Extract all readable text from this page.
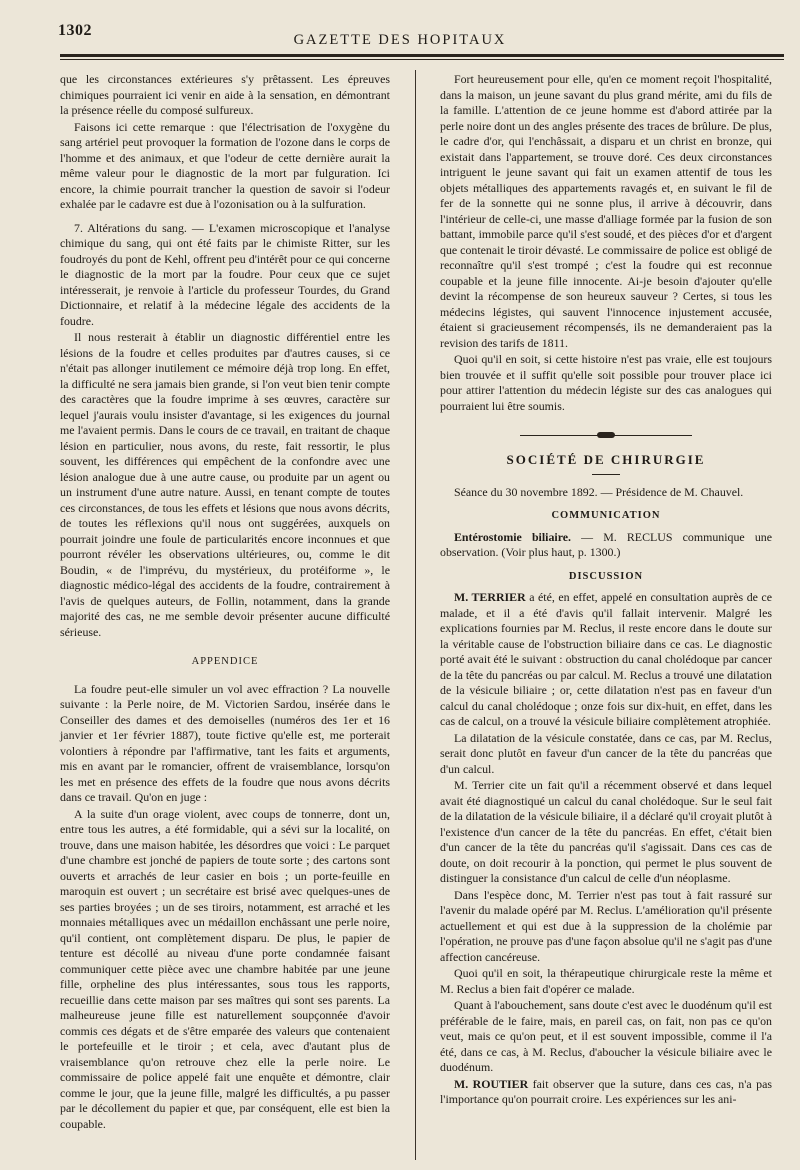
1302
GAZETTE DES HOPITAUX

que les circonstances extérieures s'y prêtassent. Les épreuves chimiques pourraient ici venir en aide à la sensation, en démontrant la présence réelle du composé sulfureux.

Faisons ici cette remarque : que l'électrisation de l'oxygène du sang artériel peut provoquer la formation de l'ozone dans le corps de l'homme et des animaux, et que l'odeur de cette dernière aurait la même valeur pour le diagnostic de la mort par fulguration. Ici encore, la chimie pourrait trancher la question de savoir si l'odeur exhalée par le cadavre est due à l'ozonisation ou à la sulfuration.

7. Altérations du sang. — L'examen microscopique et l'analyse chimique du sang, qui ont été faits par le chimiste Ritter, sur les foudroyés du pont de Kehl, offrent peu d'intérêt pour ce qui concerne le diagnostic de la mort par la foudre. Pour ceux que ce sujet intéresserait, je renvoie à l'article du professeur Tourdes, du Grand Dictionnaire, et relatif à la médecine légale des accidents de la foudre.

Il nous resterait à établir un diagnostic différentiel entre les lésions de la foudre et celles produites par d'autres causes, si ce n'était pas allonger inutilement ce mémoire déjà trop long. En effet, la difficulté ne sera jamais bien grande, si l'on veut bien tenir compte des caractères que la foudre imprime à ses œuvres, caractère sur lequel j'aurais voulu insister d'avantage, si les exigences du journal me l'avaient permis. Dans le cours de ce travail, en traitant de chaque lésion en particulier, nous avons, du reste, fait ressortir, le plus souvent, les différences qui empêchent de la confondre avec une lésion analogue due à une autre cause, ou produite par un agent ou un instrument d'une autre nature. Aussi, en tenant compte de toutes ces circonstances, de tous les effets et lésions que nous avons décrits, de toutes les réflexions qu'il nous ont suggérées, auxquels on pourrait joindre une foule de particularités encore inconnues et que pourront révéler les observations ultérieures, ou, comme le dit Boudin, « de l'imprévu, du mystérieux, du protéiforme », le diagnostic médico-légal des accidents de la foudre, contrairement à l'avis de quelques auteurs, de Follin, notamment, dans la grande majorité des cas, ne me semble devoir présenter aucune difficulté sérieuse.

APPENDICE

La foudre peut-elle simuler un vol avec effraction ? La nouvelle suivante : la Perle noire, de M. Victorien Sardou, insérée dans le Conseiller des dames et des demoiselles (numéros des 1er et 16 janvier et 1er février 1887), toute fictive qu'elle est, me porterait volontiers à répondre par l'affirmative, tant les faits et arguments, mis en avant par le romancier, offrent de vraisemblance, lorsqu'on les met en présence des effets de la foudre que nous avons décrits dans ce travail. Qu'on en juge :

A la suite d'un orage violent, avec coups de tonnerre, dont un, entre tous les autres, a été formidable, qui a sévi sur la localité, on trouve, dans une maison habitée, les désordres que voici : Le parquet d'une chambre est jonché de papiers de toute sorte ; des cartons sont ouverts et arrachés de leur casier en bois ; un porte-feuille en maroquin est ouvert ; un secrétaire est brisé avec quelques-unes de ses parties broyées ; un de ses tiroirs, notamment, est arraché et les monnaies métalliques avec un médaillon enchâssant une perle noire, qu'il contient, ont complètement disparu. De plus, le papier de tenture est décollé au niveau d'une porte condamnée faisant communiquer cette pièce avec une chambre habitée par une jeune fille, orpheline des plus intéressantes, sous tous les rapports, recueillie dans cette maison par ses maîtres qui sont ses parents. La malheureuse jeune fille est naturellement soupçonnée d'avoir commis ces dégats et de s'être emparée des valeurs que contenaient le portefeuille et le tiroir ; et cela, avec d'autant plus de vraisemblance qu'on retrouve chez elle la perle noire. Le commissaire de police appelé fait une enquête et démontre, clair comme le jour, que la jeune fille, malgré les difficultés, a pu passer par le décollement du papier et que, par conséquent, elle est bien la coupable.

Fort heureusement pour elle, qu'en ce moment reçoit l'hospitalité, dans la maison, un jeune savant du plus grand mérite, ami du fils de la famille. L'attention de ce jeune homme est d'abord attirée par la perle noire dont un des angles présente des traces de brûlure. De plus, le cadre d'or, qui l'enchâssait, a disparu et un christ en bronze, qui existait dans l'appartement, se trouve doré. Ces deux circonstances intriguent le jeune savant qui fait un examen attentif de tous les objets métalliques des appartements ravagés et, en suivant le fil de fer de la sonnette qui ne sonne plus, il arrive à découvrir, dans l'intérieur de celle-ci, une masse d'alliage formée par la fusion de son battant, immobile parce qu'il s'est soudé, et des pièces d'or et d'argent que contenait le tiroir dévasté. Le commissaire de police est obligé de reconnaître qu'il s'est trompé ; c'est la foudre qui est reconnue coupable et la jeune fille innocente. Ai-je besoin d'ajouter qu'elle devint la récompense de son heureux sauveur ? Certes, si tous les médecins légistes, qui sauvent l'innocence injustement accusée, étaient si gracieusement récompensés, ils ne demanderaient pas la revision des tarifs de 1811.

Quoi qu'il en soit, si cette histoire n'est pas vraie, elle est toujours bien trouvée et il suffit qu'elle soit possible pour trouver place ici pour attirer l'attention du médecin légiste sur des cas analogues qui pourraient lui être soumis.

SOCIÉTÉ DE CHIRURGIE

Séance du 30 novembre 1892. — Présidence de M. Chauvel.

COMMUNICATION

Entérostomie biliaire. — M. RECLUS communique une observation. (Voir plus haut, p. 1300.)

DISCUSSION

M. TERRIER a été, en effet, appelé en consultation auprès de ce malade, et il a été d'avis qu'il fallait intervenir. Malgré les explications fournies par M. Reclus, il reste encore dans le doute sur la véritable cause de l'obstruction biliaire dans ce cas. Le diagnostic porté avait été le suivant : obstruction du canal cholédoque par cancer de la tête du pancréas ou par calcul. M. Reclus a trouvé une dilatation de la vésicule biliaire ; or, cette dilatation n'est pas en faveur d'un calcul du canal cholédoque ; onze fois sur dix-huit, en effet, dans les cas de calcul, on a trouvé la vésicule biliaire complètement atrophiée.

La dilatation de la vésicule constatée, dans ce cas, par M. Reclus, serait donc plutôt en faveur d'un cancer de la tête du pancréas que d'un calcul.

M. Terrier cite un fait qu'il a récemment observé et dans lequel avait été diagnostiqué un calcul du canal cholédoque. Sur le seul fait de la dilatation de la vésicule biliaire, il a déclaré qu'il croyait plutôt à l'existence d'un cancer de la tête du pancréas. En effet, c'était bien d'un cancer de la tête du pancréas qu'il s'agissait. Dans ces cas de doute, on doit recourir à la ponction, qui permet le plus souvent de distinguer la consistance d'un calcul de celle d'un néoplasme.

Dans l'espèce donc, M. Terrier n'est pas tout à fait rassuré sur l'avenir du malade opéré par M. Reclus. L'amélioration qu'il présente actuellement et qui est due à la suppression de la cholémie par l'opération, ne prouve pas d'une façon absolue qu'il ne s'agit pas d'une affection cancéreuse.

Quoi qu'il en soit, la thérapeutique chirurgicale reste la même et M. Reclus a bien fait d'opérer ce malade.

Quant à l'abouchement, sans doute c'est avec le duodénum qu'il est préférable de le faire, mais, en pareil cas, on fait, non pas ce qu'on veut, mais ce qu'on peut, et il est souvent impossible, comme il l'a été, dans ce cas, à M. Reclus, d'aboucher la vésicule biliaire avec le duodénum.

M. ROUTIER fait observer que la suture, dans ces cas, n'a pas l'importance qu'on pourrait croire. Les expériences sur les ani-
